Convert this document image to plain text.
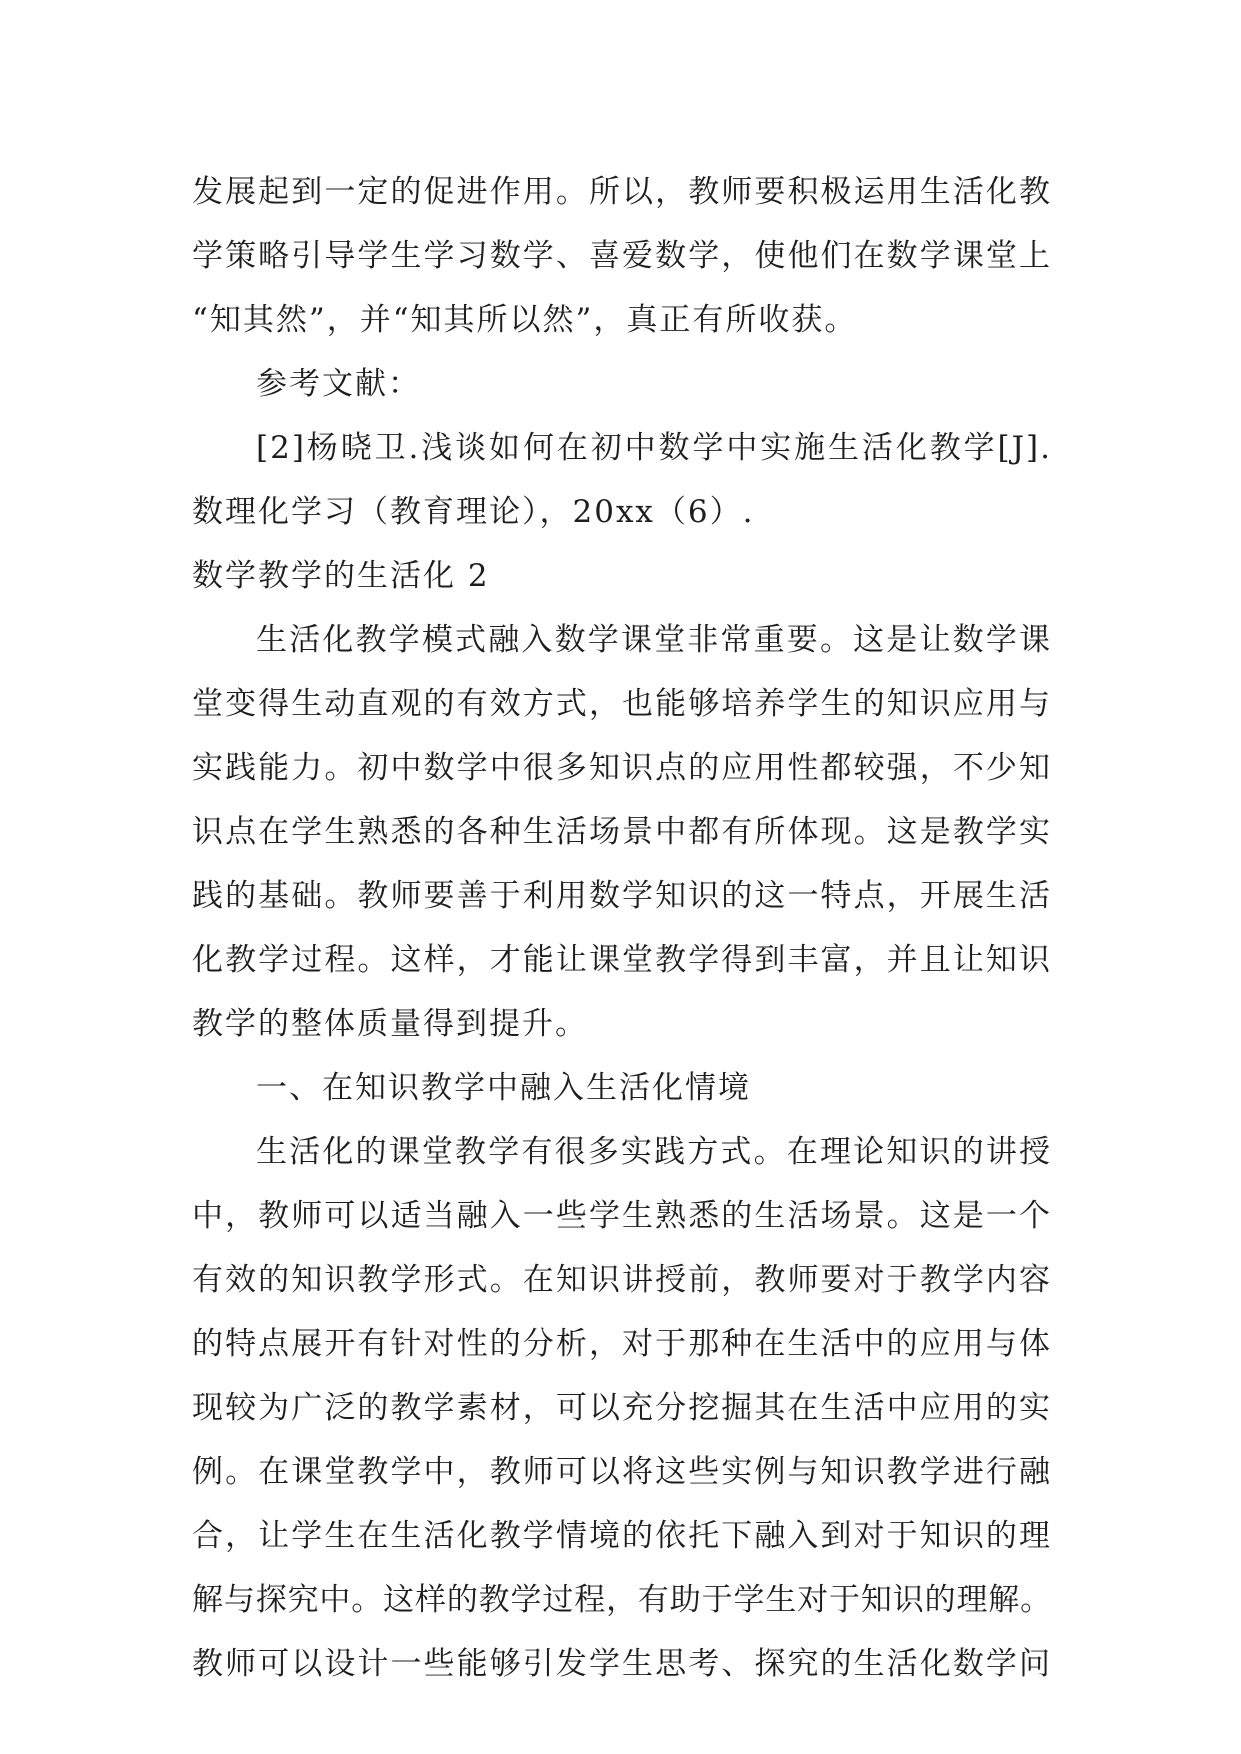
发展起到一定的促进作用。所以，教师要积极运用生活化教
学策略引导学生学习数学、喜爱数学，使他们在数学课堂上
“知其然”，并“知其所以然”，真正有所收获。
参考文献：
[2]杨晓卫.浅谈如何在初中数学中实施生活化教学[J].
数理化学习（教育理论），20xx（6）.
数学教学的生活化 2
生活化教学模式融入数学课堂非常重要。这是让数学课
堂变得生动直观的有效方式，也能够培养学生的知识应用与
实践能力。初中数学中很多知识点的应用性都较强，不少知
识点在学生熟悉的各种生活场景中都有所体现。这是教学实
践的基础。教师要善于利用数学知识的这一特点，开展生活
化教学过程。这样，才能让课堂教学得到丰富，并且让知识
教学的整体质量得到提升。
一、在知识教学中融入生活化情境
生活化的课堂教学有很多实践方式。在理论知识的讲授
中，教师可以适当融入一些学生熟悉的生活场景。这是一个
有效的知识教学形式。在知识讲授前，教师要对于教学内容
的特点展开有针对性的分析，对于那种在生活中的应用与体
现较为广泛的教学素材，可以充分挖掘其在生活中应用的实
例。在课堂教学中，教师可以将这些实例与知识教学进行融
合，让学生在生活化教学情境的依托下融入到对于知识的理
解与探究中。这样的教学过程，有助于学生对于知识的理解。
教师可以设计一些能够引发学生思考、探究的生活化数学问
